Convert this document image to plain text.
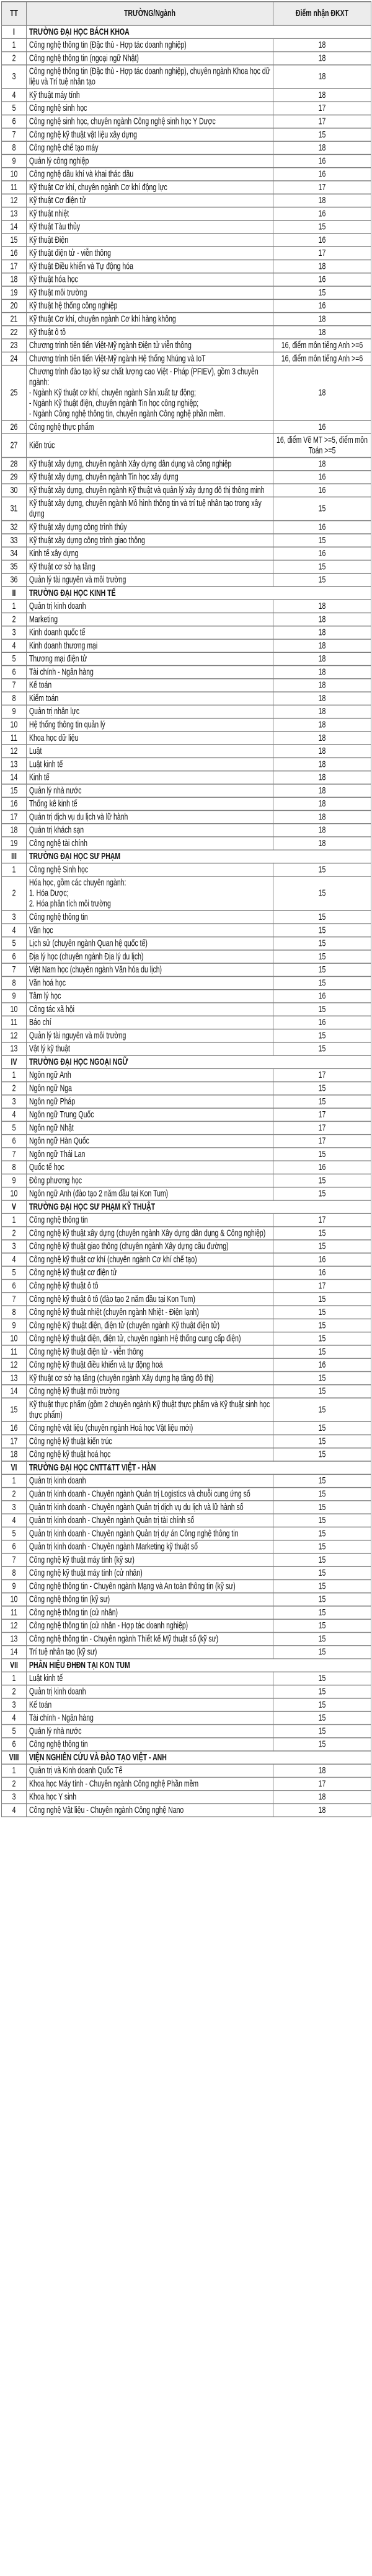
TT	TRƯỜNG/Ngành	Điểm nhận ĐKXT
I	TRƯỜNG ĐẠI HỌC BÁCH KHOA	
1	Công nghệ thông tin (Đặc thù - Hợp tác doanh nghiệp)	18
2	Công nghệ thông tin (ngoại ngữ Nhật)	18
3	Công nghệ thông tin (Đặc thù - Hợp tác doanh nghiệp), chuyên ngành Khoa học dữ liệu và Trí tuệ nhân tạo	18
4	Kỹ thuật máy tính	18
5	Công nghệ sinh học	17
6	Công nghệ sinh học, chuyên ngành Công nghệ sinh học Y Dược	17
7	Công nghệ kỹ thuật vật liệu xây dựng	15
8	Công nghệ chế tạo máy	18
9	Quản lý công nghiệp	16
10	Công nghệ dầu khí và khai thác dầu	16
11	Kỹ thuật Cơ khí, chuyên ngành Cơ khí động lực	17
12	Kỹ thuật Cơ điện tử	18
13	Kỹ thuật nhiệt	16
14	Kỹ thuật Tàu thủy	15
15	Kỹ thuật Điện	16
16	Kỹ thuật điện tử - viễn thông	17
17	Kỹ thuật Điều khiển và Tự động hóa	18
18	Kỹ thuật hóa học	16
19	Kỹ thuật môi trường	15
20	Kỹ thuật hệ thống công nghiệp	16
21	Kỹ thuật Cơ khí, chuyên ngành Cơ khí hàng không	18
22	Kỹ thuật ô tô	18
23	Chương trình tiên tiến Việt-Mỹ ngành Điện tử viễn thông	16, điểm môn tiếng Anh >=6
24	Chương trình tiên tiến Việt-Mỹ ngành Hệ thống Nhúng và IoT	16, điểm môn tiếng Anh >=6
25	Chương trình đào tạo kỹ sư chất lượng cao Việt - Pháp (PFIEV), gồm 3 chuyên ngành:
- Ngành Kỹ thuật cơ khí, chuyên ngành Sản xuất tự động;
- Ngành Kỹ thuật điện, chuyên ngành Tin học công nghiệp;
- Ngành Công nghệ thông tin, chuyên ngành Công nghệ phần mềm.	18
26	Công nghệ thực phẩm	16
27	Kiến trúc	16, điểm Vẽ MT >=5, điểm môn Toán >=5
28	Kỹ thuật xây dựng, chuyên ngành Xây dựng dân dụng và công nghiệp	18
29	Kỹ thuật xây dựng, chuyên ngành Tin học xây dựng	16
30	Kỹ thuật xây dựng, chuyên ngành Kỹ thuật và quản lý xây dựng đô thị thông minh	16
31	Kỹ thuật xây dựng, chuyên ngành Mô hình thông tin và trí tuệ nhân tạo trong xây dựng	15
32	Kỹ thuật xây dựng công trình thủy	16
33	Kỹ thuật xây dựng công trình giao thông	15
34	Kinh tế xây dựng	16
35	Kỹ thuật cơ sở hạ tầng	15
36	Quản lý tài nguyên và môi trường	15
II	TRƯỜNG ĐẠI HỌC KINH TẾ	
1	Quản trị kinh doanh	18
2	Marketing	18
3	Kinh doanh quốc tế	18
4	Kinh doanh thương mại	18
5	Thương mại điện tử	18
6	Tài chính - Ngân hàng	18
7	Kế toán	18
8	Kiểm toán	18
9	Quản trị nhân lực	18
10	Hệ thống thông tin quản lý	18
11	Khoa học dữ liệu	18
12	Luật	18
13	Luật kinh tế	18
14	Kinh tế	18
15	Quản lý nhà nước	18
16	Thống kê kinh tế	18
17	Quản trị dịch vụ du lịch và lữ hành	18
18	Quản trị khách sạn	18
19	Công nghệ tài chính	18
III	TRƯỜNG ĐẠI HỌC SƯ PHẠM	
1	Công nghệ Sinh học	15
2	Hóa học, gồm các chuyên ngành:
1. Hóa Dược;
2. Hóa phân tích môi trường	15
3	Công nghệ thông tin	15
4	Văn học	15
5	Lịch sử (chuyên ngành Quan hệ quốc tế)	15
6	Địa lý học (chuyên ngành Địa lý du lịch)	15
7	Việt Nam học (chuyên ngành Văn hóa du lịch)	15
8	Văn hoá học	15
9	Tâm lý học	16
10	Công tác xã hội	15
11	Báo chí	16
12	Quản lý tài nguyên và môi trường	15
13	Vật lý kỹ thuật	15
IV	TRƯỜNG ĐẠI HỌC NGOẠI NGỮ	
1	Ngôn ngữ Anh	17
2	Ngôn ngữ Nga	15
3	Ngôn ngữ Pháp	15
4	Ngôn ngữ Trung Quốc	17
5	Ngôn ngữ Nhật	17
6	Ngôn ngữ Hàn Quốc	17
7	Ngôn ngữ Thái Lan	15
8	Quốc tế học	16
9	Đông phương học	15
10	Ngôn ngữ Anh (đào tạo 2 năm đầu tại Kon Tum)	15
V	TRƯỜNG ĐẠI HỌC SƯ PHẠM KỸ THUẬT	
1	Công nghệ thông tin	17
2	Công nghệ kỹ thuật xây dựng (chuyên ngành Xây dựng dân dụng & Công nghiệp)	15
3	Công nghệ kỹ thuật giao thông (chuyên ngành Xây dựng cầu đường)	15
4	Công nghệ kỹ thuật cơ khí (chuyên ngành Cơ khí chế tạo)	16
5	Công nghệ kỹ thuật cơ điện tử	16
6	Công nghệ kỹ thuật ô tô	17
7	Công nghệ kỹ thuật ô tô (đào tạo 2 năm đầu tại Kon Tum)	15
8	Công nghệ kỹ thuật nhiệt (chuyên ngành Nhiệt - Điện lạnh)	15
9	Công nghệ Kỹ thuật điện, điện tử (chuyên ngành Kỹ thuật điện tử)	15
10	Công nghệ kỹ thuật điện, điện tử, chuyên ngành Hệ thống cung cấp điện)	15
11	Công nghệ kỹ thuật điện tử - viễn thông	15
12	Công nghệ kỹ thuật điều khiển và tự động hoá	16
13	Kỹ thuật cơ sở hạ tầng (chuyên ngành Xây dựng hạ tầng đô thị)	15
14	Công nghệ kỹ thuật môi trường	15
15	Kỹ thuật thực phẩm (gồm 2 chuyên ngành Kỹ thuật thực phẩm và Kỹ thuật sinh học thực phẩm)	15
16	Công nghệ vật liệu (chuyên ngành Hoá học Vật liệu mới)	15
17	Công nghệ kỹ thuật kiến trúc	15
18	Công nghệ kỹ thuật hoá học	15
VI	TRƯỜNG ĐẠI HỌC CNTT&TT VIỆT - HÀN	
1	Quản trị kinh doanh	15
2	Quản trị kinh doanh - Chuyên ngành Quản trị Logistics và chuỗi cung ứng số	15
3	Quản trị kinh doanh - Chuyên ngành Quản trị dịch vụ du lịch và lữ hành số	15
4	Quản trị kinh doanh - Chuyên ngành Quản trị tài chính số	15
5	Quản trị kinh doanh - Chuyên ngành Quản trị dự án Công nghệ thông tin	15
6	Quản trị kinh doanh - Chuyên ngành Marketing kỹ thuật số	15
7	Công nghệ kỹ thuật máy tính (kỹ sư)	15
8	Công nghệ kỹ thuật máy tính (cử nhân)	15
9	Công nghệ thông tin - Chuyên ngành Mạng và An toàn thông tin (kỹ sư)	15
10	Công nghệ thông tin (kỹ sư)	15
11	Công nghệ thông tin (cử nhân)	15
12	Công nghệ thông tin (cử nhân - Hợp tác doanh nghiệp)	15
13	Công nghệ thông tin - Chuyên ngành Thiết kế Mỹ thuật số (kỹ sư)	15
14	Trí tuệ nhân tạo (kỹ sư)	15
VII	PHÂN HIỆU ĐHĐN TẠI KON TUM	
1	Luật kinh tế	15
2	Quản trị kinh doanh	15
3	Kế toán	15
4	Tài chính - Ngân hàng	15
5	Quản lý nhà nước	15
6	Công nghệ thông tin	15
VIII	VIỆN NGHIÊN CỨU VÀ ĐÀO TẠO VIỆT - ANH	
1	Quản trị và Kinh doanh Quốc Tế	18
2	Khoa học Máy tính - Chuyên ngành Công nghệ Phần mềm	17
3	Khoa học Y sinh	18
4	Công nghệ Vật liệu - Chuyên ngành Công nghệ Nano	18
